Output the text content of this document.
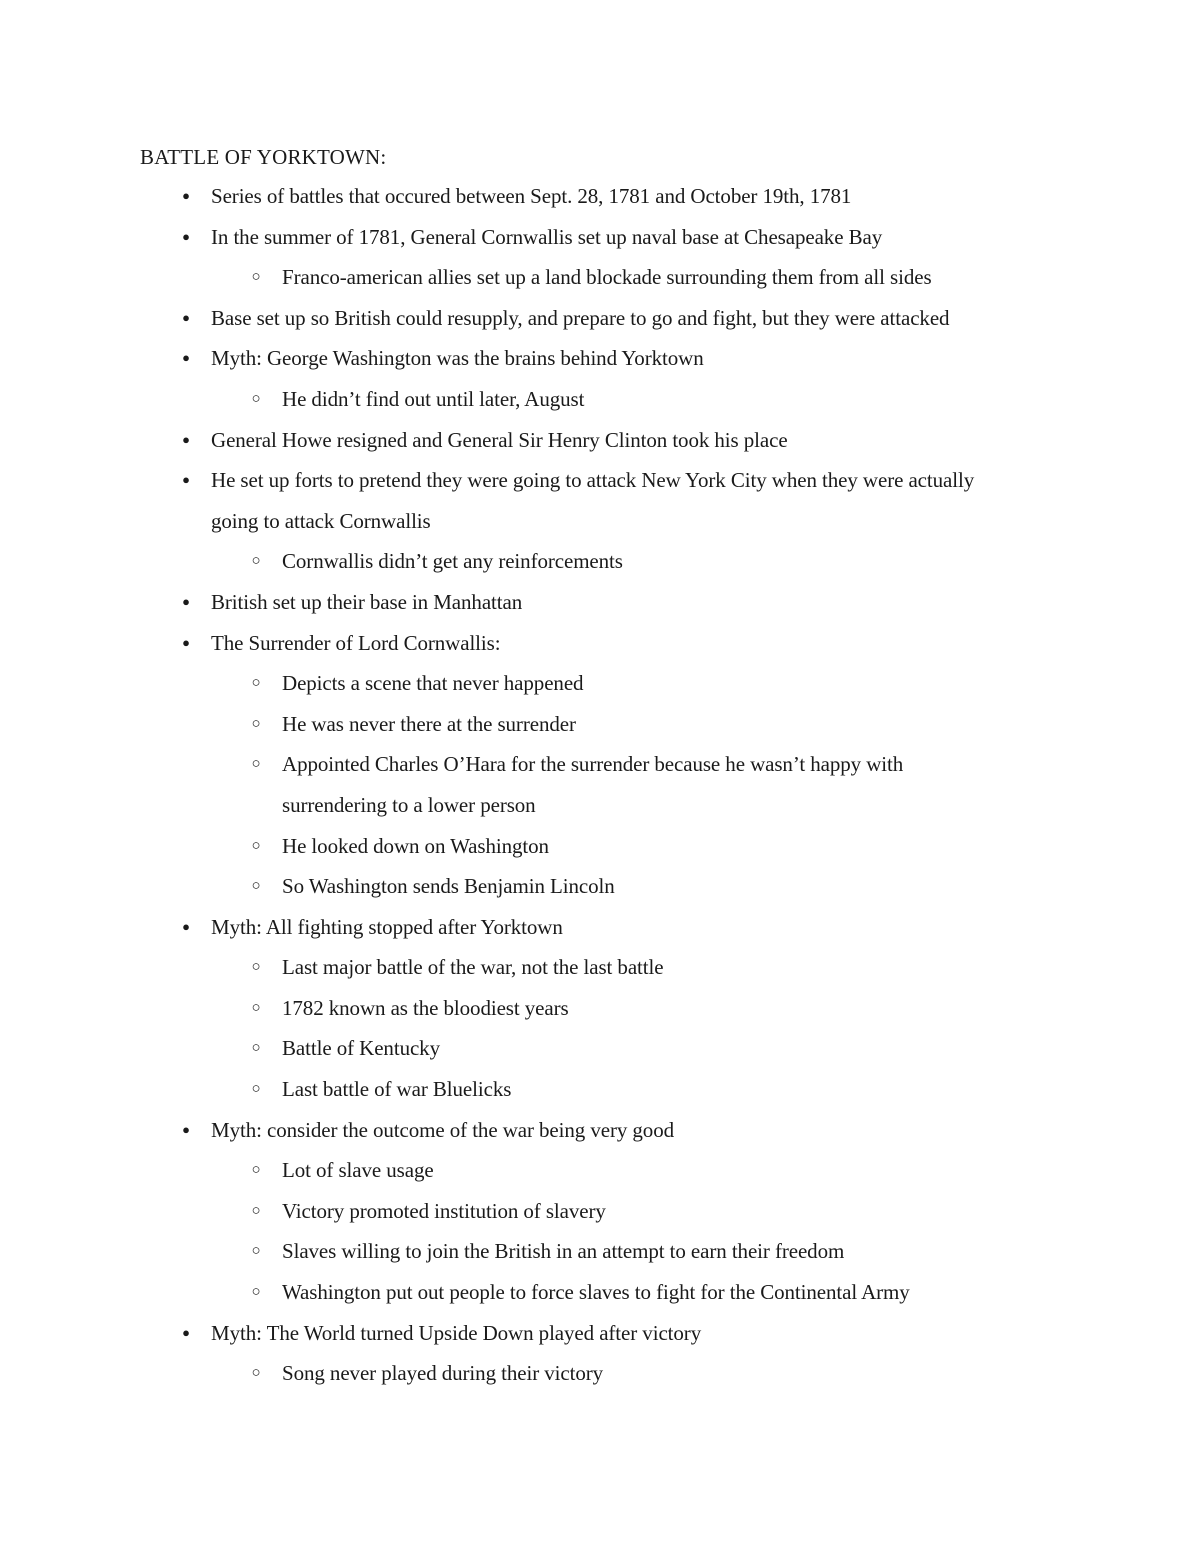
BATTLE OF YORKTOWN:
● Series of battles that occured between Sept. 28, 1781 and October 19th, 1781
● In the summer of 1781, General Cornwallis set up naval base at Chesapeake Bay
○ Franco-american allies set up a land blockade surrounding them from all sides
● Base set up so British could resupply, and prepare to go and fight, but they were attacked
● Myth: George Washington was the brains behind Yorktown
○ He didn’t find out until later, August
● General Howe resigned and General Sir Henry Clinton took his place
● He set up forts to pretend they were going to attack New York City when they were actually going to attack Cornwallis
○ Cornwallis didn’t get any reinforcements
● British set up their base in Manhattan
● The Surrender of Lord Cornwallis:
○ Depicts a scene that never happened
○ He was never there at the surrender
○ Appointed Charles O’Hara for the surrender because he wasn’t happy with surrendering to a lower person
○ He looked down on Washington
○ So Washington sends Benjamin Lincoln
● Myth: All fighting stopped after Yorktown
○ Last major battle of the war, not the last battle
○ 1782 known as the bloodiest years
○ Battle of Kentucky
○ Last battle of war Bluelicks
● Myth: consider the outcome of the war being very good
○ Lot of slave usage
○ Victory promoted institution of slavery
○ Slaves willing to join the British in an attempt to earn their freedom
○ Washington put out people to force slaves to fight for the Continental Army
● Myth: The World turned Upside Down played after victory
○ Song never played during their victory
